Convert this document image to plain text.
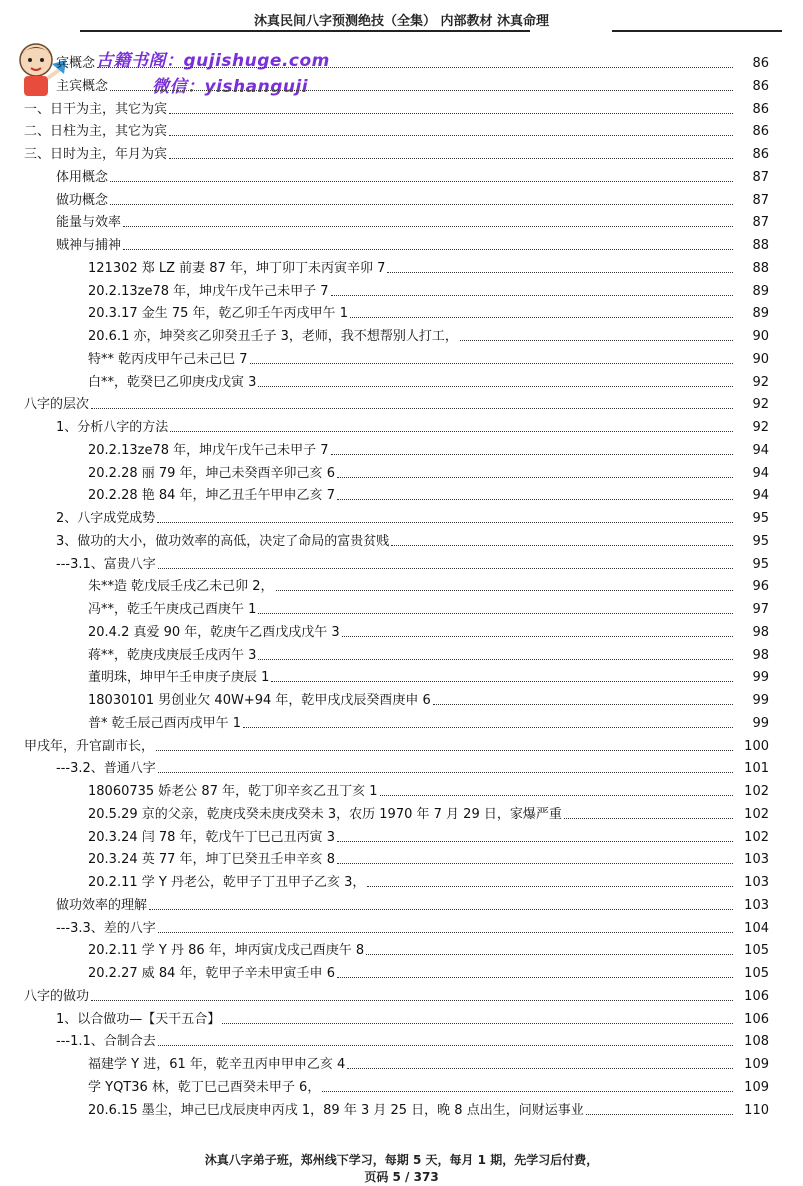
沐真民间八字预测绝技（全集） 内部教材 沐真命理
古籍书阁：gujishuge.com
微信：yishanguji
宾概念	86
主宾概念	86
一、日干为主，其它为宾	86
二、日柱为主，其它为宾	86
三、日时为主，年月为宾	86
体用概念	87
做功概念	87
能量与效率	87
贼神与捕神	88
121302 郑 LZ 前妻 87 年，坤丁卯丁未丙寅辛卯 7	88
20.2.13ze78 年，坤戊午戊午己未甲子 7	89
20.3.17 金生 75 年，乾乙卯壬午丙戌甲午 1	89
20.6.1 亦，坤癸亥乙卯癸丑壬子 3，老师，我不想帮别人打工，	90
特** 乾丙戌甲午己未己巳 7	90
白**，乾癸巳乙卯庚戌戊寅 3	92
八字的层次	92
1、分析八字的方法	92
20.2.13ze78 年，坤戊午戊午己未甲子 7	94
20.2.28 丽 79 年，坤己未癸酉辛卯己亥 6	94
20.2.28 艳 84 年，坤乙丑壬午甲申乙亥 7	94
2、八字成党成势	95
3、做功的大小，做功效率的高低，决定了命局的富贵贫贱	95
---3.1、富贵八字	95
朱**造 乾戊辰壬戌乙未己卯 2，	96
冯**，乾壬午庚戌己酉庚午 1	97
20.4.2 真爱 90 年，乾庚午乙酉戊戌戊午 3	98
蒋**，乾庚戌庚辰壬戌丙午 3	98
董明珠，坤甲午壬申庚子庚辰 1	99
18030101 男创业欠 40W+94 年，乾甲戌戊辰癸酉庚申 6	99
普* 乾壬辰己酉丙戌甲午 1	99
甲戌年，升官副市长，	100
---3.2、普通八字	101
18060735 娇老公 87 年，乾丁卯辛亥乙丑丁亥 1	102
20.5.29 京的父亲，乾庚戌癸未庚戌癸未 3，农历 1970 年 7 月 29 日，家爆严重	102
20.3.24 闫 78 年，乾戊午丁巳己丑丙寅 3	102
20.3.24 英 77 年，坤丁巳癸丑壬申辛亥 8	103
20.2.11 学 Y 丹老公，乾甲子丁丑甲子乙亥 3，	103
做功效率的理解	103
---3.3、差的八字	104
20.2.11 学 Y 丹 86 年，坤丙寅戊戌己酉庚午 8	105
20.2.27 威 84 年，乾甲子辛未甲寅壬申 6	105
八字的做功	106
1、以合做功—【天干五合】	106
---1.1、合制合去	108
福建学 Y 进，61 年，乾辛丑丙申甲申乙亥 4	109
学 YQT36 林，乾丁巳己酉癸未甲子 6，	109
20.6.15 墨尘，坤己巳戊辰庚申丙戌 1，89 年 3 月 25 日，晚 8 点出生，问财运事业	110
沐真八字弟子班，郑州线下学习，每期 5 天，每月 1 期，先学习后付费，
页码 5 / 373
